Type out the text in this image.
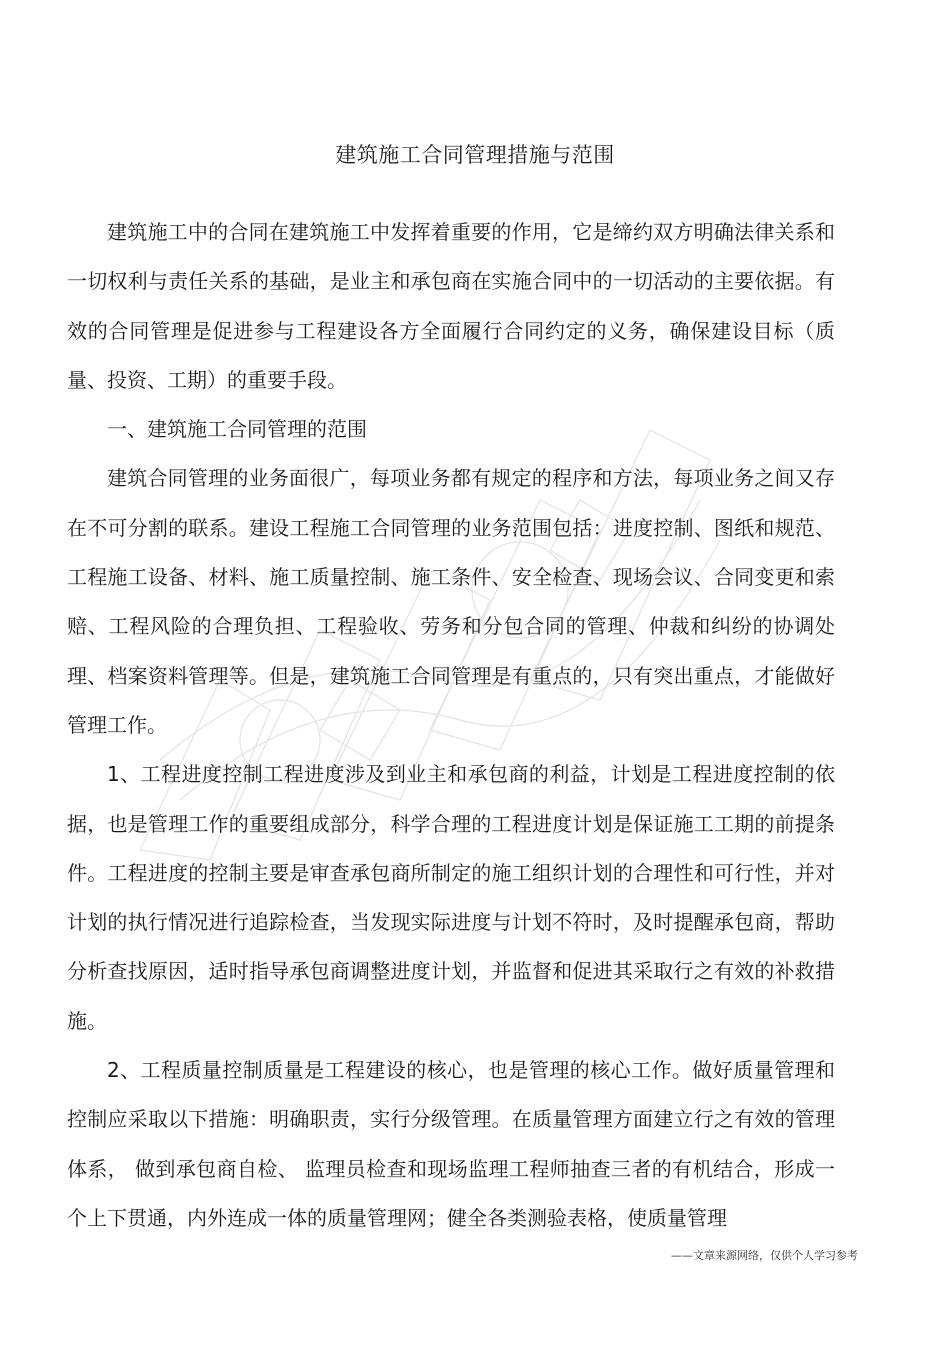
建筑施工合同管理措施与范围

建筑施工中的合同在建筑施工中发挥着重要的作用，它是缔约双方明确法律关系和一切权利与责任关系的基础，是业主和承包商在实施合同中的一切活动的主要依据。有效的合同管理是促进参与工程建设各方全面履行合同约定的义务，确保建设目标（质量、投资、工期）的重要手段。

一、建筑施工合同管理的范围

建筑合同管理的业务面很广，每项业务都有规定的程序和方法，每项业务之间又存在不可分割的联系。建设工程施工合同管理的业务范围包括：进度控制、图纸和规范、工程施工设备、材料、施工质量控制、施工条件、安全检查、现场会议、合同变更和索赔、工程风险的合理负担、工程验收、劳务和分包合同的管理、仲裁和纠纷的协调处理、档案资料管理等。但是，建筑施工合同管理是有重点的，只有突出重点，才能做好管理工作。

1、工程进度控制工程进度涉及到业主和承包商的利益，计划是工程进度控制的依据，也是管理工作的重要组成部分，科学合理的工程进度计划是保证施工工期的前提条件。工程进度的控制主要是审查承包商所制定的施工组织计划的合理性和可行性，并对计划的执行情况进行追踪检查，当发现实际进度与计划不符时，及时提醒承包商，帮助分析查找原因，适时指导承包商调整进度计划，并监督和促进其采取行之有效的补救措施。

2、工程质量控制质量是工程建设的核心，也是管理的核心工作。做好质量管理和控制应采取以下措施：明确职责，实行分级管理。在质量管理方面建立行之有效的管理体系， 做到承包商自检、 监理员检查和现场监理工程师抽查三者的有机结合，形成一个上下贯通，内外连成一体的质量管理网；健全各类测验表格，使质量管理

——文章来源网络，仅供个人学习参考
